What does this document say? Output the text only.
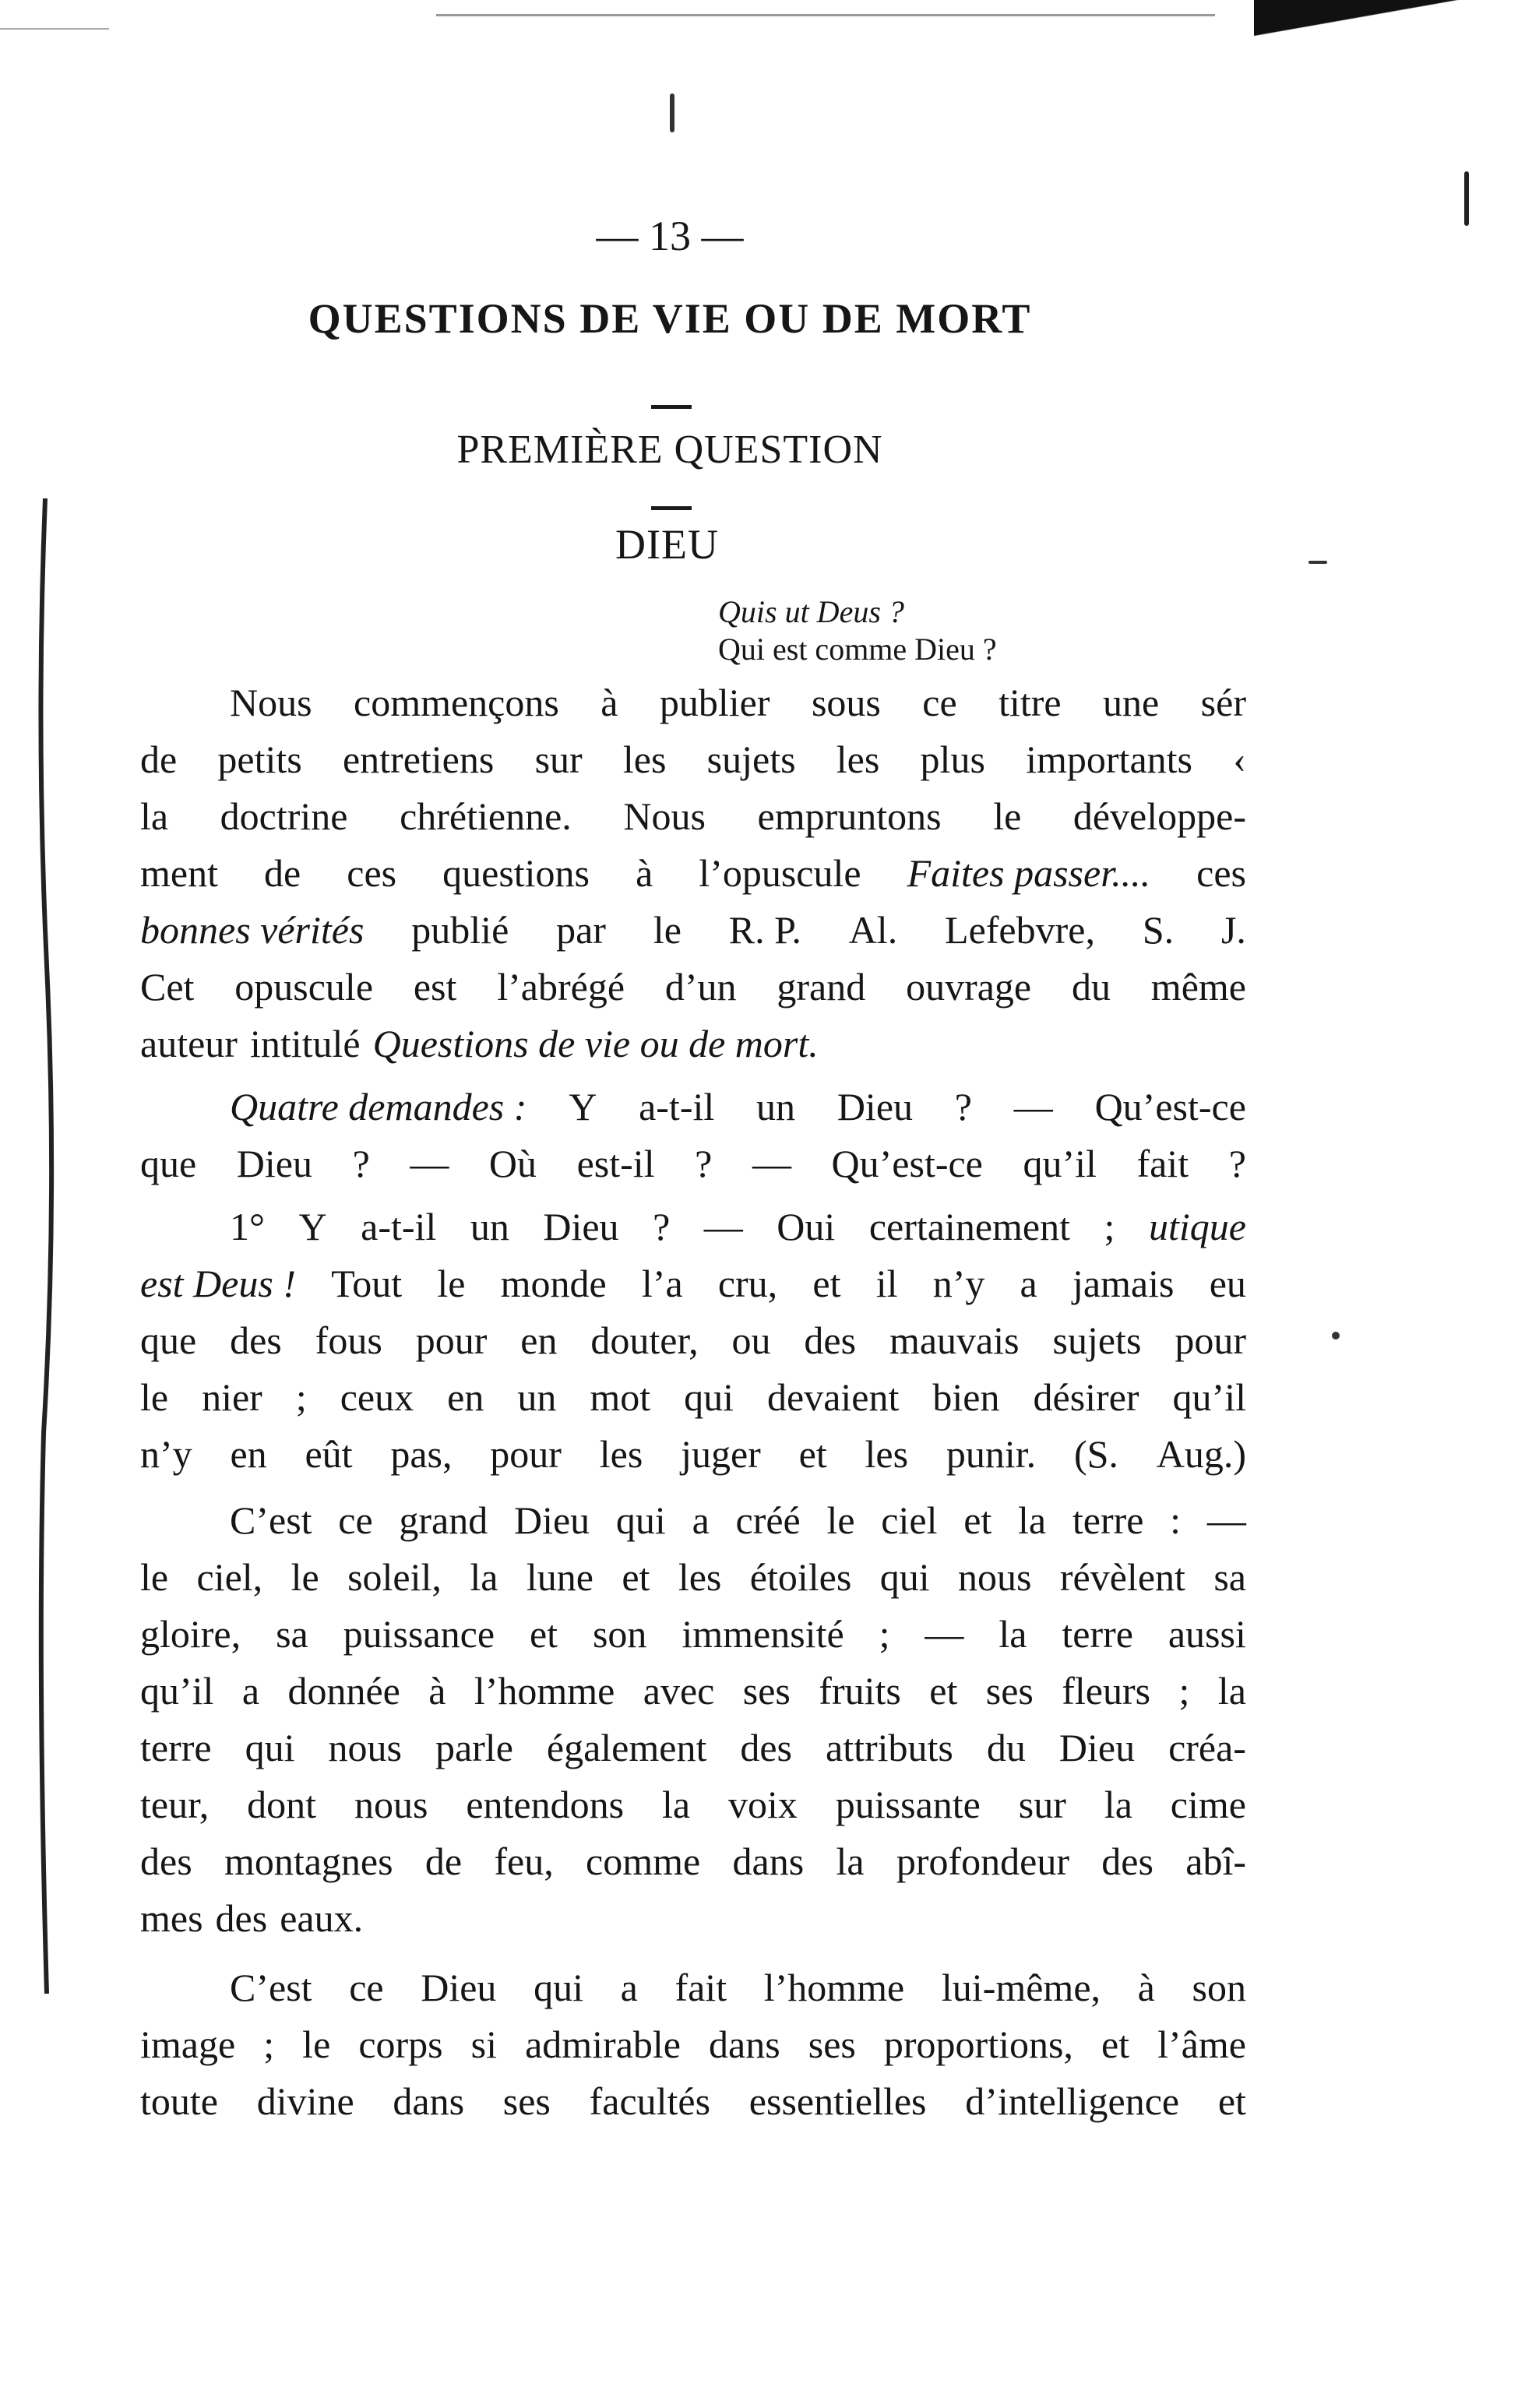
— 13 —
QUESTIONS DE VIE OU DE MORT
PREMIÈRE QUESTION
DIEU
Quis ut Deus ?
Qui est comme Dieu ?
Nous commençons à publier sous ce titre une sér
de petits entretiens sur les sujets les plus importants ‹
la doctrine chrétienne. Nous empruntons le développe-
ment de ces questions à l’opuscule Faites passer.... ces
bonnes vérités publié par le R. P. Al. Lefebvre, S. J.
Cet opuscule est l’abrégé d’un grand ouvrage du même
auteur intitulé Questions de vie ou de mort.
Quatre demandes : Y a-t-il un Dieu ? — Qu’est-ce
que Dieu ? — Où est-il ? — Qu’est-ce qu’il fait ?
1° Y a-t-il un Dieu ? — Oui certainement ; utique
est Deus ! Tout le monde l’a cru, et il n’y a jamais eu
que des fous pour en douter, ou des mauvais sujets pour
le nier ; ceux en un mot qui devaient bien désirer qu’il
n’y en eût pas, pour les juger et les punir. (S. Aug.)
C’est ce grand Dieu qui a créé le ciel et la terre : —
le ciel, le soleil, la lune et les étoiles qui nous révèlent sa
gloire, sa puissance et son immensité ; — la terre aussi
qu’il a donnée à l’homme avec ses fruits et ses fleurs ; la
terre qui nous parle également des attributs du Dieu créa-
teur, dont nous entendons la voix puissante sur la cime
des montagnes de feu, comme dans la profondeur des abî-
mes des eaux.
C’est ce Dieu qui a fait l’homme lui-même, à son
image ; le corps si admirable dans ses proportions, et l’âme
toute divine dans ses facultés essentielles d’intelligence et
